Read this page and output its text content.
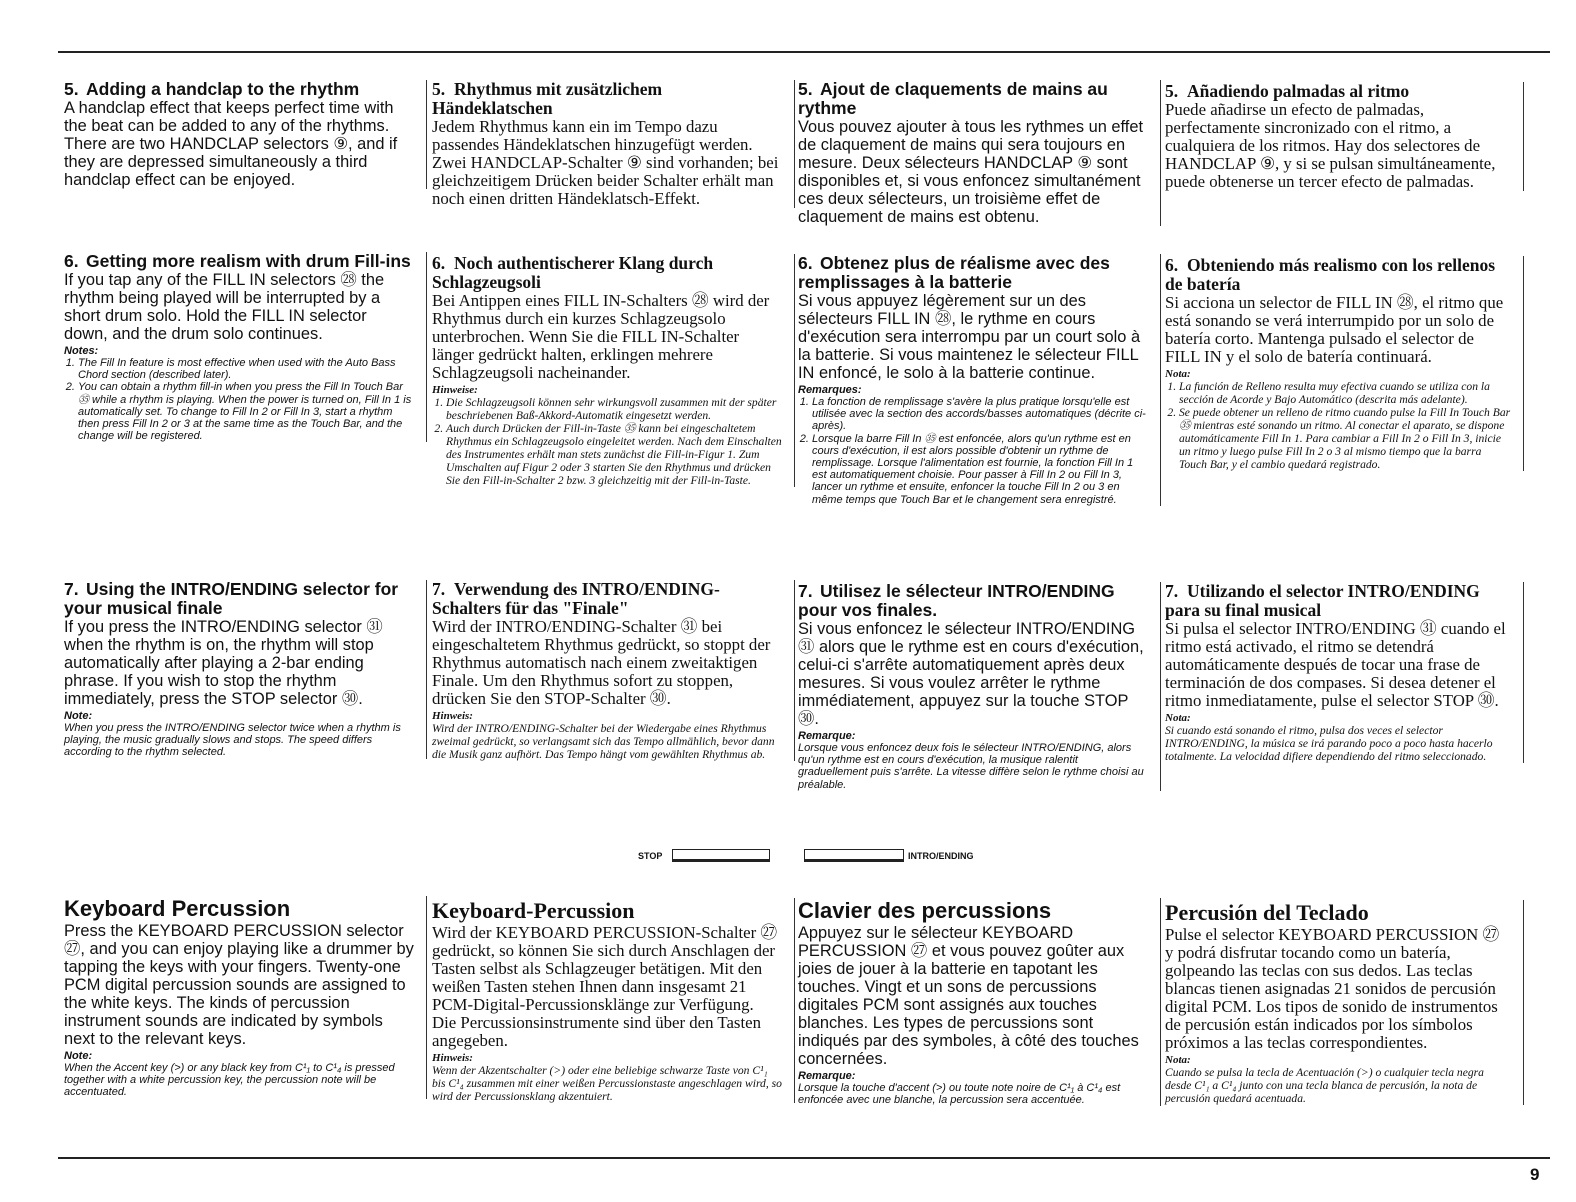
5. Adding a handclap to the rhythm

A handclap effect that keeps perfect time with the beat can be added to any of the rhythms. There are two HANDCLAP selectors ⑨, and if they are depressed simultaneously a third handclap effect can be enjoyed.

6. Getting more realism with drum Fill-ins

If you tap any of the FILL IN selectors ㉘ the rhythm being played will be interrupted by a short drum solo. Hold the FILL IN selector down, and the drum solo continues.

Notes:
1. The Fill In feature is most effective when used with the Auto Bass Chord section (described later).
2. You can obtain a rhythm fill-in when you press the Fill In Touch Bar ㉟ while a rhythm is playing. When the power is turned on, Fill In 1 is automatically set. To change to Fill In 2 or Fill In 3, start a rhythm then press Fill In 2 or 3 at the same time as the Touch Bar, and the change will be registered.
7. Using the INTRO/ENDING selector for your musical finale

If you press the INTRO/ENDING selector ㉛ when the rhythm is on, the rhythm will stop automatically after playing a 2-bar ending phrase. If you wish to stop the rhythm immediately, press the STOP selector ㉚.

Note:

When you press the INTRO/ENDING selector twice when a rhythm is playing, the music gradually slows and stops. The speed differs according to the rhythm selected.

Keyboard Percussion

Press the KEYBOARD PERCUSSION selector ㉗, and you can enjoy playing like a drummer by tapping the keys with your fingers. Twenty-one PCM digital percussion sounds are assigned to the white keys. The kinds of percussion instrument sounds are indicated by symbols next to the relevant keys.

Note:

When the Accent key (>) or any black key from C¹₁ to C¹₄ is pressed together with a white percussion key, the percussion note will be accentuated.

5. Rhythmus mit zusätzlichem Händeklatschen

Jedem Rhythmus kann ein im Tempo dazu passendes Händeklatschen hinzugefügt werden. Zwei HANDCLAP-Schalter ⑨ sind vorhanden; bei gleichzeitigem Drücken beider Schalter erhält man noch einen dritten Händeklatsch-Effekt.

6. Noch authentischerer Klang durch Schlagzeugsoli

Bei Antippen eines FILL IN-Schalters ㉘ wird der Rhythmus durch ein kurzes Schlagzeugsolo unterbrochen. Wenn Sie die FILL IN-Schalter länger gedrückt halten, erklingen mehrere Schlagzeugsoli nacheinander.

Hinweise:
1. Die Schlagzeugsoli können sehr wirkungsvoll zusammen mit der später beschriebenen Baß-Akkord-Automatik eingesetzt werden.
2. Auch durch Drücken der Fill-in-Taste ㉟ kann bei eingeschaltetem Rhythmus ein Schlagzeugsolo eingeleitet werden. Nach dem Einschalten des Instrumentes erhält man stets zunächst die Fill-in-Figur 1. Zum Umschalten auf Figur 2 oder 3 starten Sie den Rhythmus und drücken Sie den Fill-in-Schalter 2 bzw. 3 gleichzeitig mit der Fill-in-Taste.
7. Verwendung des INTRO/ENDING-Schalters für das "Finale"

Wird der INTRO/ENDING-Schalter ㉛ bei eingeschaltetem Rhythmus gedrückt, so stoppt der Rhythmus automatisch nach einem zweitaktigen Finale. Um den Rhythmus sofort zu stoppen, drücken Sie den STOP-Schalter ㉚.

Hinweis:

Wird der INTRO/ENDING-Schalter bei der Wiedergabe eines Rhythmus zweimal gedrückt, so verlangsamt sich das Tempo allmählich, bevor dann die Musik ganz aufhört. Das Tempo hängt vom gewählten Rhythmus ab.

Keyboard-Percussion

Wird der KEYBOARD PERCUSSION-Schalter ㉗ gedrückt, so können Sie sich durch Anschlagen der Tasten selbst als Schlagzeuger betätigen. Mit den weißen Tasten stehen Ihnen dann insgesamt 21 PCM-Digital-Percussionsklänge zur Verfügung. Die Percussionsinstrumente sind über den Tasten angegeben.

Hinweis:

Wenn der Akzentschalter (>) oder eine beliebige schwarze Taste von C¹₁ bis C¹₄ zusammen mit einer weißen Percussionstaste angeschlagen wird, so wird der Percussionsklang akzentuiert.

5. Ajout de claquements de mains au rythme

Vous pouvez ajouter à tous les rythmes un effet de claquement de mains qui sera toujours en mesure. Deux sélecteurs HANDCLAP ⑨ sont disponibles et, si vous enfoncez simultanément ces deux sélecteurs, un troisième effet de claquement de mains est obtenu.

6. Obtenez plus de réalisme avec des remplissages à la batterie

Si vous appuyez légèrement sur un des sélecteurs FILL IN ㉘, le rythme en cours d'exécution sera interrompu par un court solo à la batterie. Si vous maintenez le sélecteur FILL IN enfoncé, le solo à la batterie continue.

Remarques:
1. La fonction de remplissage s'avère la plus pratique lorsqu'elle est utilisée avec la section des accords/basses automatiques (décrite ci-après).
2. Lorsque la barre Fill In ㉟ est enfoncée, alors qu'un rythme est en cours d'exécution, il est alors possible d'obtenir un rythme de remplissage. Lorsque l'alimentation est fournie, la fonction Fill In 1 est automatiquement choisie. Pour passer à Fill In 2 ou Fill In 3, lancer un rythme et ensuite, enfoncer la touche Fill In 2 ou 3 en même temps que Touch Bar et le changement sera enregistré.
7. Utilisez le sélecteur INTRO/ENDING pour vos finales.

Si vous enfoncez le sélecteur INTRO/ENDING ㉛ alors que le rythme est en cours d'exécution, celui-ci s'arrête automatiquement après deux mesures. Si vous voulez arrêter le rythme immédiatement, appuyez sur la touche STOP ㉚.

Remarque:

Lorsque vous enfoncez deux fois le sélecteur INTRO/ENDING, alors qu'un rythme est en cours d'exécution, la musique ralentit graduellement puis s'arrête. La vitesse diffère selon le rythme choisi au préalable.

Clavier des percussions

Appuyez sur le sélecteur KEYBOARD PERCUSSION ㉗ et vous pouvez goûter aux joies de jouer à la batterie en tapotant les touches. Vingt et un sons de percussions digitales PCM sont assignés aux touches blanches. Les types de percussions sont indiqués par des symboles, à côté des touches concernées.

Remarque:

Lorsque la touche d'accent (>) ou toute note noire de C¹₁ à C¹₄ est enfoncée avec une blanche, la percussion sera accentuée.

5. Añadiendo palmadas al ritmo

Puede añadirse un efecto de palmadas, perfectamente sincronizado con el ritmo, a cualquiera de los ritmos. Hay dos selectores de HANDCLAP ⑨, y si se pulsan simultáneamente, puede obtenerse un tercer efecto de palmadas.

6. Obteniendo más realismo con los rellenos de batería

Si acciona un selector de FILL IN ㉘, el ritmo que está sonando se verá interrumpido por un solo de batería corto. Mantenga pulsado el selector de FILL IN y el solo de batería continuará.

Nota:
1. La función de Relleno resulta muy efectiva cuando se utiliza con la sección de Acorde y Bajo Automático (descrita más adelante).
2. Se puede obtener un relleno de ritmo cuando pulse la Fill In Touch Bar ㉟ mientras esté sonando un ritmo. Al conectar el aparato, se dispone automáticamente Fill In 1. Para cambiar a Fill In 2 o Fill In 3, inicie un ritmo y luego pulse Fill In 2 o 3 al mismo tiempo que la barra Touch Bar, y el cambio quedará registrado.
7. Utilizando el selector INTRO/ENDING para su final musical

Si pulsa el selector INTRO/ENDING ㉛ cuando el ritmo está activado, el ritmo se detendrá automáticamente después de tocar una frase de terminación de dos compases. Si desea detener el ritmo inmediatamente, pulse el selector STOP ㉚.

Nota:

Si cuando está sonando el ritmo, pulsa dos veces el selector INTRO/ENDING, la música se irá parando poco a poco hasta hacerlo totalmente. La velocidad difiere dependiendo del ritmo seleccionado.

Percusión del Teclado

Pulse el selector KEYBOARD PERCUSSION ㉗ y podrá disfrutar tocando como un batería, golpeando las teclas con sus dedos. Las teclas blancas tienen asignadas 21 sonidos de percusión digital PCM. Los tipos de sonido de instrumentos de percusión están indicados por los símbolos próximos a las teclas correspondientes.

Nota:

Cuando se pulsa la tecla de Acentuación (>) o cualquier tecla negra desde C¹₁ a C¹₄ junto con una tecla blanca de percusión, la nota de percusión quedará acentuada.

STOP	INTRO/ENDING
9
